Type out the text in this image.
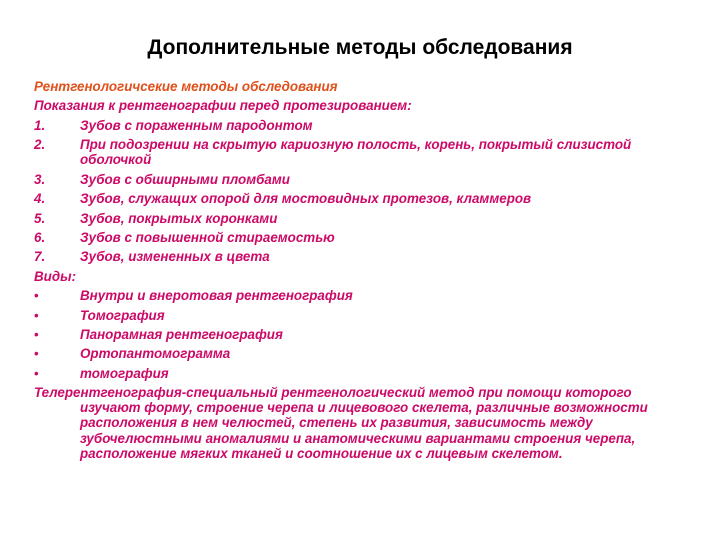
Дополнительные методы обследования

Рентгенологичсекие методы обследования

Показания к рентгенографии перед протезированием:

1.	Зубов с пораженным пародонтом
2.	При подозрении на скрытую кариозную полость, корень, покрытый слизистой оболочкой
3.	Зубов с обширными пломбами
4.	Зубов, служащих опорой для мостовидных протезов, кламмеров
5.	Зубов, покрытых коронками
6.	Зубов с повышенной стираемостью
7.	Зубов, измененных в цвета

Виды:

•	Внутри и внеротовая рентгенография
•	Томография
•	Панорамная рентгенография
•	Ортопантомограмма
•	томография

Телерентгенография-специальный рентгенологический метод при помощи которого изучают форму, строение черепа и лицевового скелета, различные возможности расположения в нем челюстей, степень их развития, зависимость между зубочелюстными аномалиями и анатомическими вариантами строения черепа, расположение мягких тканей и соотношение их с лицевым скелетом.
